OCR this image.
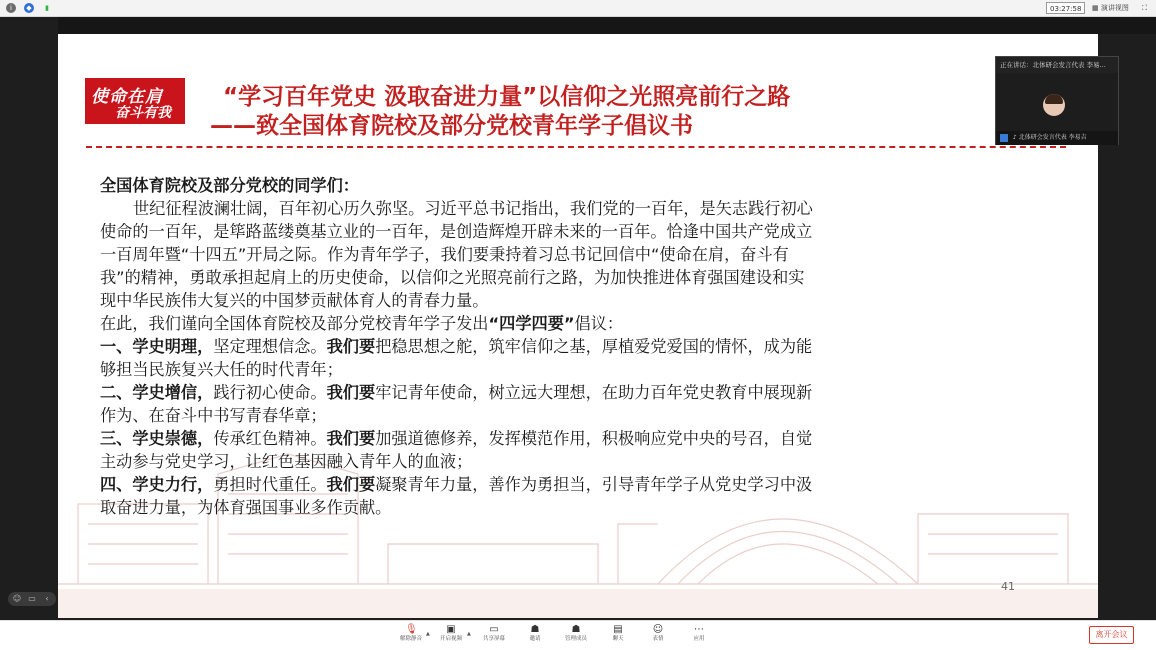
i	◆	▮	03:27:58	▦ 演讲视图 ⛶
使命在肩
奋斗有我
“学习百年党史 汲取奋进力量”以信仰之光照亮前行之路
——致全国体育院校及部分党校青年学子倡议书

全国体育院校及部分党校的同学们：

世纪征程波澜壮阔，百年初心历久弥坚。习近平总书记指出，我们党的一百年，是矢志践行初心

使命的一百年，是筚路蓝缕奠基立业的一百年，是创造辉煌开辟未来的一百年。恰逢中国共产党成立

一百周年暨“十四五”开局之际。作为青年学子，我们要秉持着习总书记回信中“使命在肩，奋斗有

我”的精神，勇敢承担起肩上的历史使命，以信仰之光照亮前行之路，为加快推进体育强国建设和实

现中华民族伟大复兴的中国梦贡献体育人的青春力量。

在此，我们谨向全国体育院校及部分党校青年学子发出“四学四要”倡议：

一、学史明理，坚定理想信念。我们要把稳思想之舵，筑牢信仰之基，厚植爱党爱国的情怀，成为能

够担当民族复兴大任的时代青年；

二、学史增信，践行初心使命。我们要牢记青年使命，树立远大理想，在助力百年党史教育中展现新

作为、在奋斗中书写青春华章；

三、学史崇德，传承红色精神。我们要加强道德修养，发挥模范作用，积极响应党中央的号召，自觉

主动参与党史学习，让红色基因融入青年人的血液；

四、学史力行，勇担时代重任。我们要凝聚青年力量，善作为勇担当，引导青年学子从党史学习中汲

取奋进力量，为体育强国事业多作贡献。

41
正在讲话：北体研会发言代表 李易...
♪ 北体研会发言代表 李易吉
☺ ▭	‹
🎙
解除静音
▲ ▣
开启视频
▲ ▭
共享屏幕
☗
邀请
☗
管理成员
▤
聊天
☺
表情
⋯
应用	离开会议
